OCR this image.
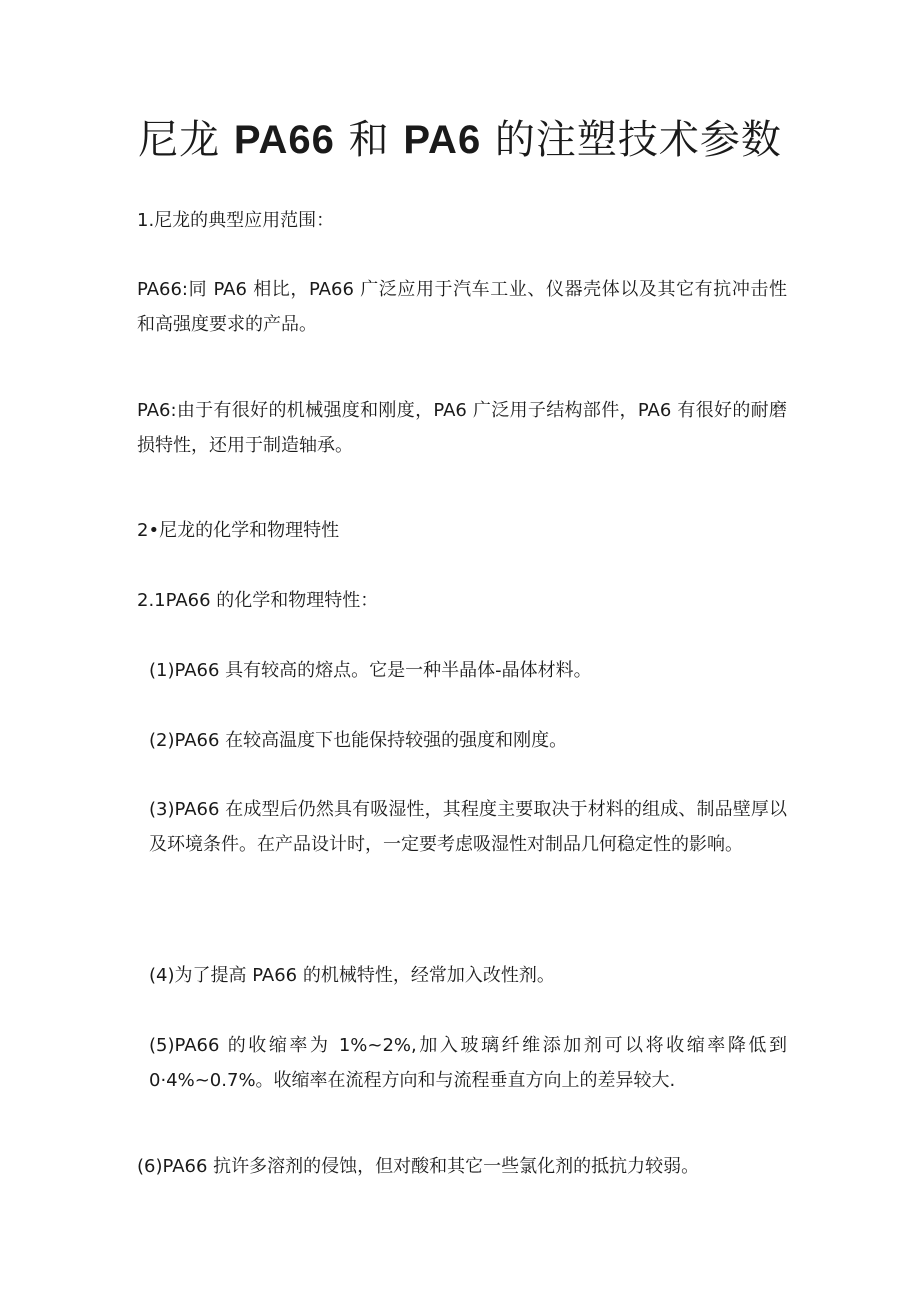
尼龙 PA66 和 PA6 的注塑技术参数

1.尼龙的典型应用范围：

PA66:同 PA6 相比，PA66 广泛应用于汽车工业、仪器壳体以及其它有抗冲击性和高强度要求的产品。

PA6:由于有很好的机械强度和刚度，PA6 广泛用子结构部件，PA6 有很好的耐磨损特性，还用于制造轴承。

2•尼龙的化学和物理特性

2.1PA66 的化学和物理特性：

(1)PA66 具有较高的熔点。它是一种半晶体-晶体材料。

(2)PA66 在较高温度下也能保持较强的强度和刚度。

(3)PA66 在成型后仍然具有吸湿性，其程度主要取决于材料的组成、制品壁厚以及环境条件。在产品设计时，一定要考虑吸湿性对制品几何稳定性的影响。

(4)为了提高 PA66 的机械特性，经常加入改性剂。

(5)PA66 的收缩率为 1%~2%,加入玻璃纤维添加剂可以将收缩率降低到 0·4%~0.7%。收缩率在流程方向和与流程垂直方向上的差异较大.

(6)PA66 抗许多溶剂的侵蚀，但对酸和其它一些氯化剂的抵抗力较弱。
